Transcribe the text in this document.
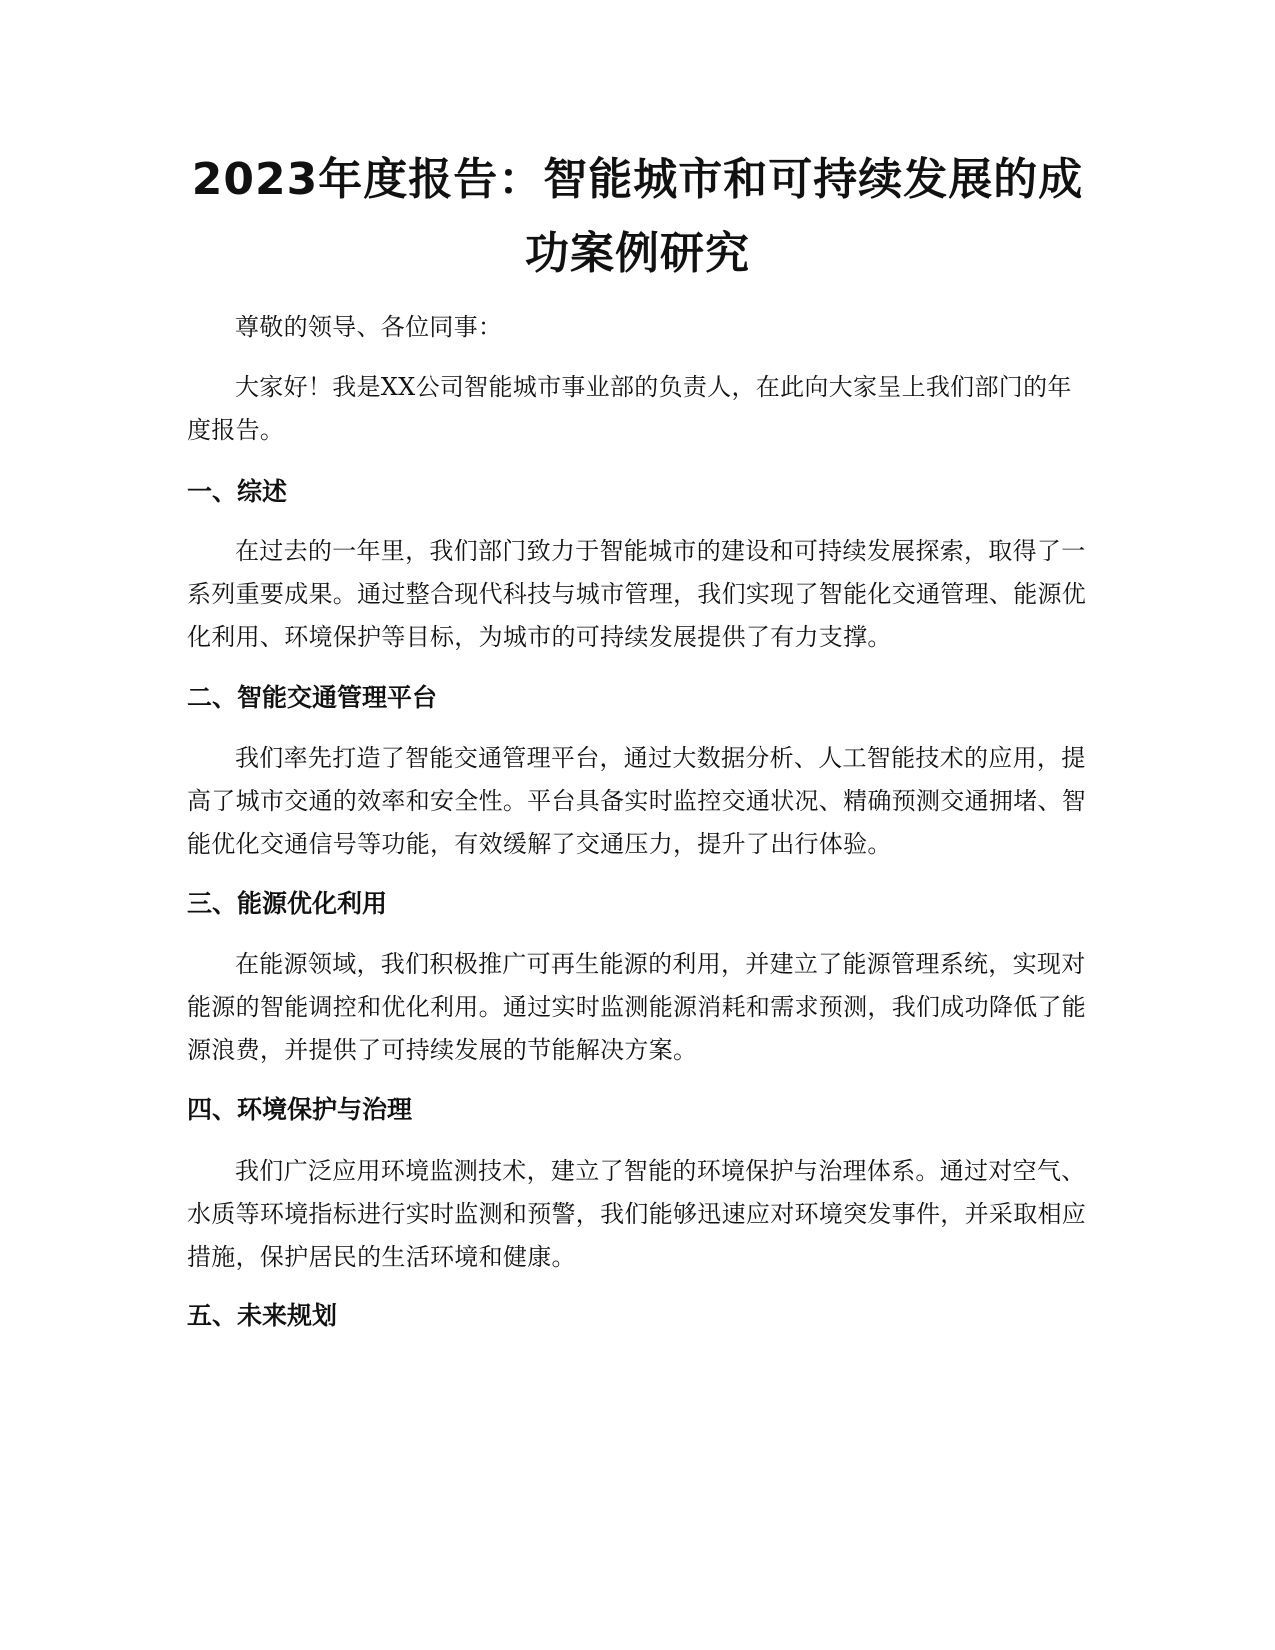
2023年度报告：智能城市和可持续发展的成
功案例研究

尊敬的领导、各位同事：

大家好！我是XX公司智能城市事业部的负责人，在此向大家呈上我们部门的年度报告。

一、综述

在过去的一年里，我们部门致力于智能城市的建设和可持续发展探索，取得了一系列重要成果。通过整合现代科技与城市管理，我们实现了智能化交通管理、能源优化利用、环境保护等目标，为城市的可持续发展提供了有力支撑。

二、智能交通管理平台

我们率先打造了智能交通管理平台，通过大数据分析、人工智能技术的应用，提高了城市交通的效率和安全性。平台具备实时监控交通状况、精确预测交通拥堵、智能优化交通信号等功能，有效缓解了交通压力，提升了出行体验。

三、能源优化利用

在能源领域，我们积极推广可再生能源的利用，并建立了能源管理系统，实现对能源的智能调控和优化利用。通过实时监测能源消耗和需求预测，我们成功降低了能源浪费，并提供了可持续发展的节能解决方案。

四、环境保护与治理

我们广泛应用环境监测技术，建立了智能的环境保护与治理体系。通过对空气、水质等环境指标进行实时监测和预警，我们能够迅速应对环境突发事件，并采取相应措施，保护居民的生活环境和健康。

五、未来规划
